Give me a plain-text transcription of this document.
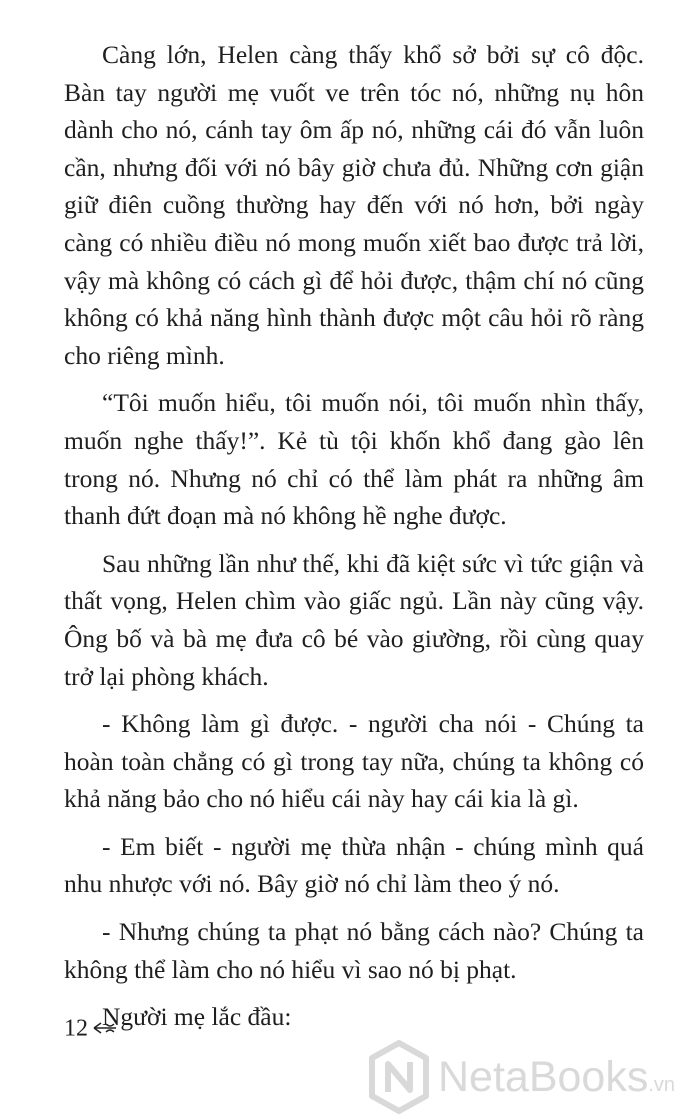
Càng lớn, Helen càng thấy khổ sở bởi sự cô độc. Bàn tay người mẹ vuốt ve trên tóc nó, những nụ hôn dành cho nó, cánh tay ôm ấp nó, những cái đó vẫn luôn cần, nhưng đối với nó bây giờ chưa đủ. Những cơn giận giữ điên cuồng thường hay đến với nó hơn, bởi ngày càng có nhiều điều nó mong muốn xiết bao được trả lời, vậy mà không có cách gì để hỏi được, thậm chí nó cũng không có khả năng hình thành được một câu hỏi rõ ràng cho riêng mình.

“Tôi muốn hiểu, tôi muốn nói, tôi muốn nhìn thấy, muốn nghe thấy!”. Kẻ tù tội khốn khổ đang gào lên trong nó. Nhưng nó chỉ có thể làm phát ra những âm thanh đứt đoạn mà nó không hề nghe được.

Sau những lần như thế, khi đã kiệt sức vì tức giận và thất vọng, Helen chìm vào giấc ngủ. Lần này cũng vậy. Ông bố và bà mẹ đưa cô bé vào giường, rồi cùng quay trở lại phòng khách.

- Không làm gì được. - người cha nói - Chúng ta hoàn toàn chẳng có gì trong tay nữa, chúng ta không có khả năng bảo cho nó hiểu cái này hay cái kia là gì.

- Em biết - người mẹ thừa nhận - chúng mình quá nhu nhược với nó. Bây giờ nó chỉ làm theo ý nó.

- Nhưng chúng ta phạt nó bằng cách nào? Chúng ta không thể làm cho nó hiểu vì sao nó bị phạt.

Người mẹ lắc đầu:

12
NetaBooks.vn
